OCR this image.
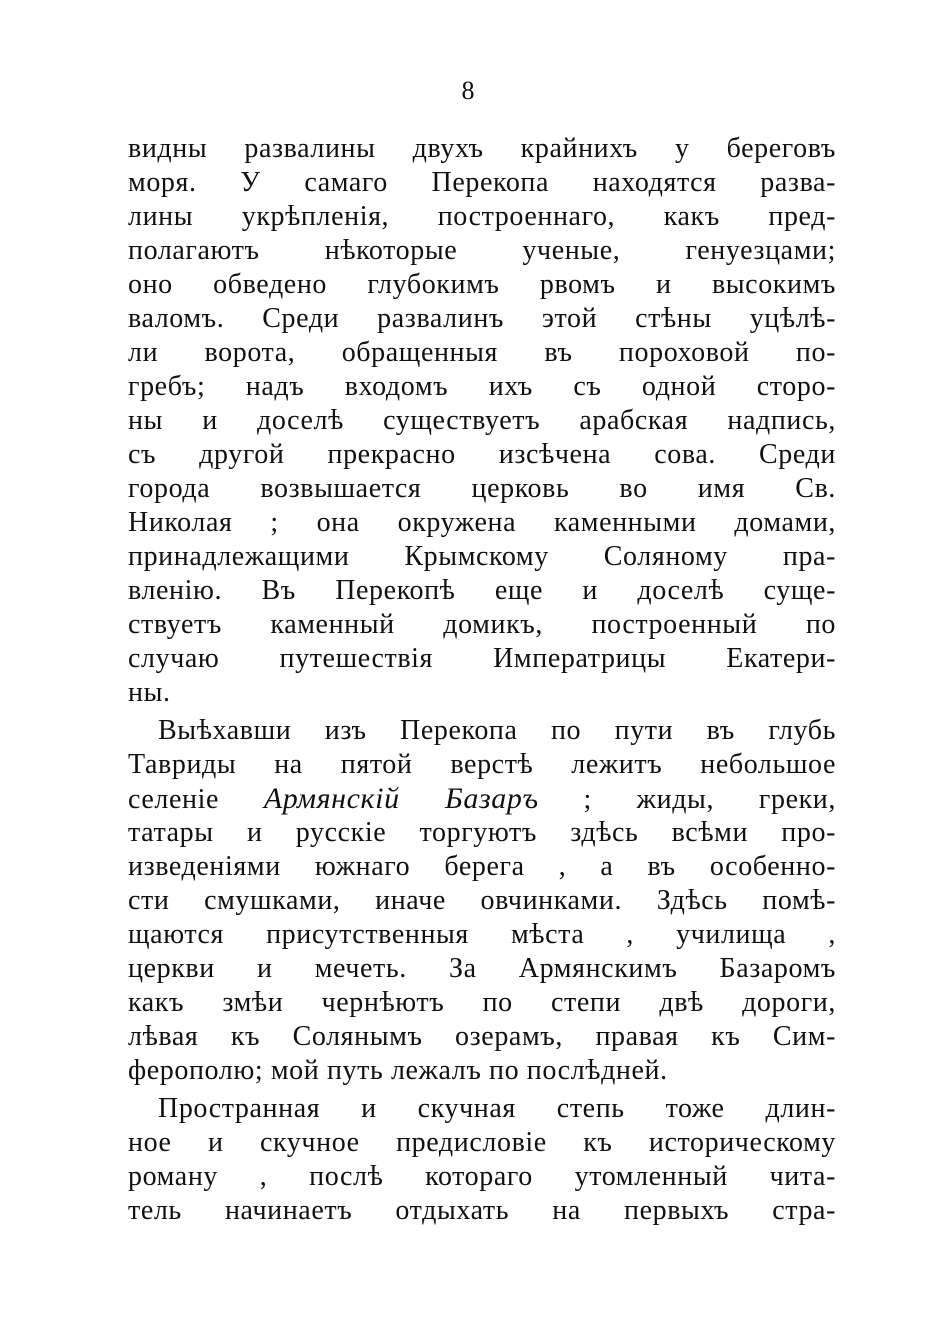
8
видны развалины двухъ крайнихъ у береговъ
моря. У самаго Перекопа находятся разва-
лины укрѣпленія, построеннаго, какъ пред-
полагаютъ нѣкоторые ученые, генуезцами;
оно обведено глубокимъ рвомъ и высокимъ
валомъ. Среди развалинъ этой стѣны уцѣлѣ-
ли ворота, обращенныя въ пороховой по-
гребъ; надъ входомъ ихъ съ одной сторо-
ны и доселѣ существуетъ арабская надпись,
съ другой прекрасно изсѣчена сова. Среди
города возвышается церковь во имя Св.
Николая ; она окружена каменными домами,
принадлежащими Крымскому Соляному пра-
вленію. Въ Перекопѣ еще и доселѣ суще-
ствуетъ каменный домикъ, построенный по
случаю путешествія Императрицы Екатери-
ны.
Выѣхавши изъ Перекопа по пути въ глубь
Тавриды на пятой верстѣ лежитъ небольшое
селеніе Армянскій Базаръ ; жиды, греки,
татары и русскіе торгуютъ здѣсь всѣми про-
изведеніями южнаго берега , а въ особенно-
сти смушками, иначе овчинками. Здѣсь помѣ-
щаются присутственныя мѣста , училища ,
церкви и мечеть. За Армянскимъ Базаромъ
какъ змѣи чернѣютъ по степи двѣ дороги,
лѣвая къ Солянымъ озерамъ, правая къ Сим-
ферополю; мой путь лежалъ по послѣдней.
Пространная и скучная степь тоже длин-
ное и скучное предисловіе къ историческому
роману , послѣ котораго утомленный чита-
тель начинаетъ отдыхать на первыхъ стра-
